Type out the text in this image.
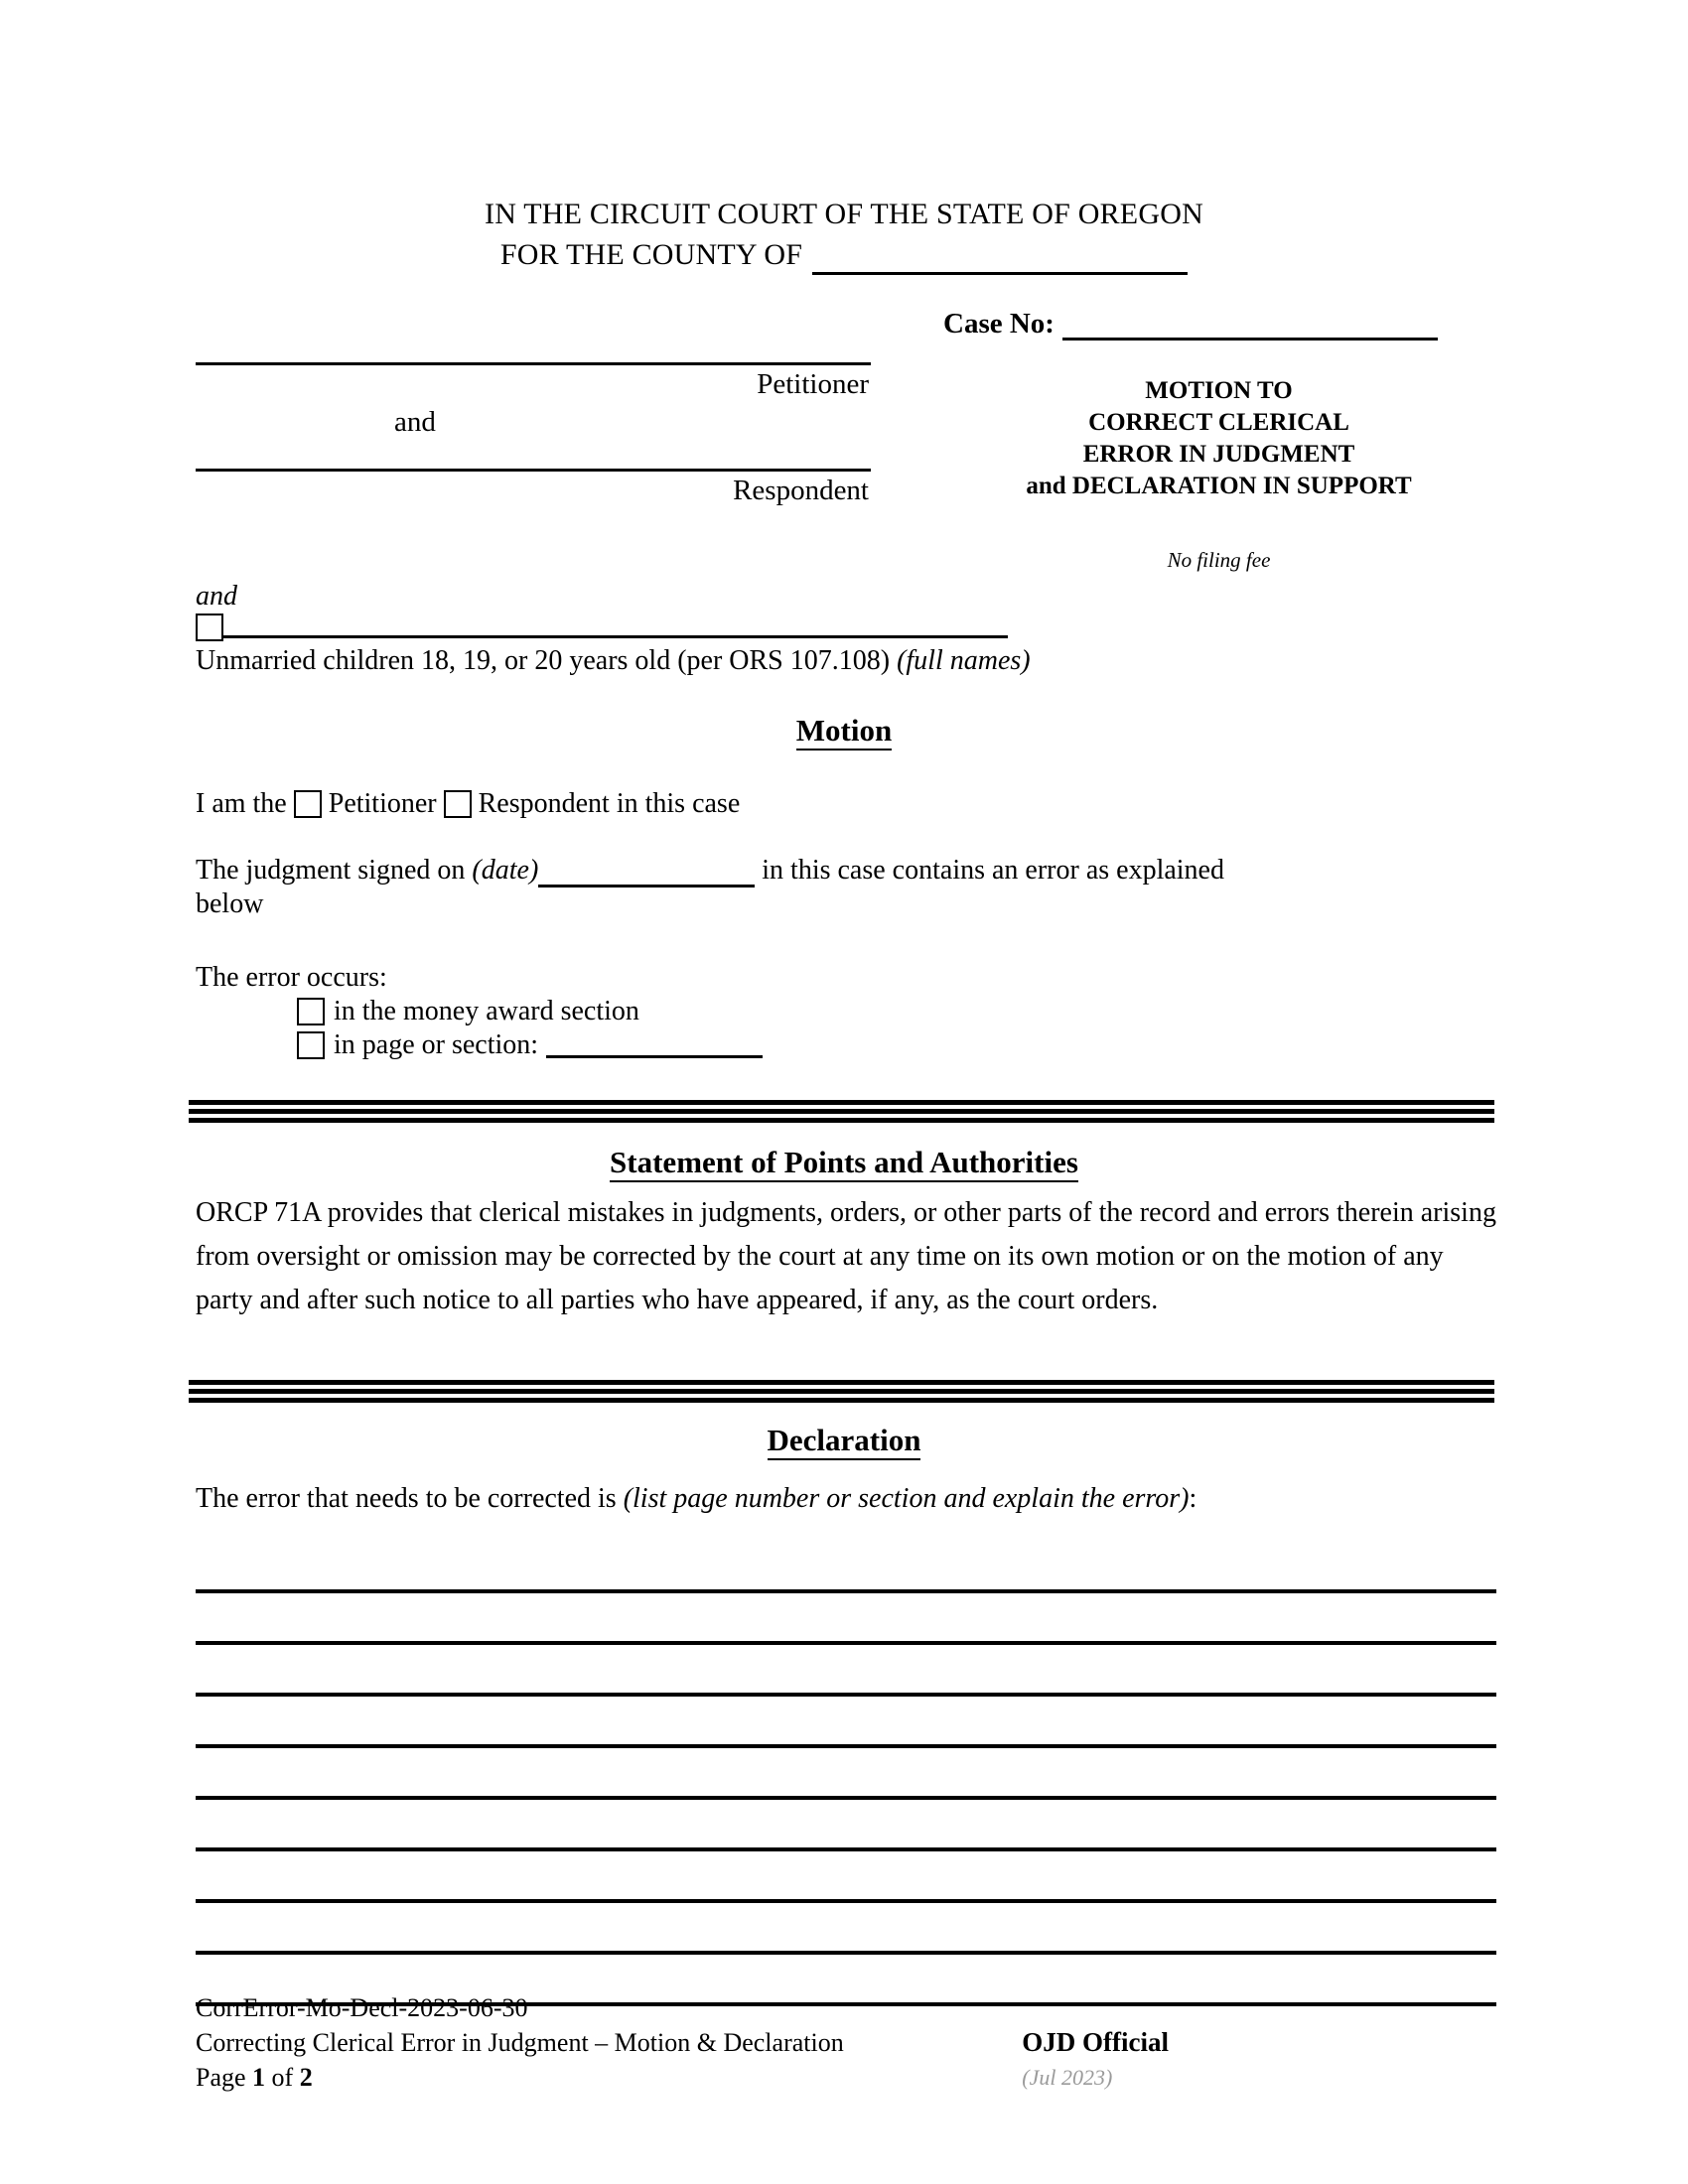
IN THE CIRCUIT COURT OF THE STATE OF OREGON
FOR THE COUNTY OF
Case No:
Petitioner
and
Respondent
MOTION TO
CORRECT CLERICAL
ERROR IN JUDGMENT
and DECLARATION IN SUPPORT
No filing fee
and
Unmarried children 18, 19, or 20 years old (per ORS 107.108) (full names)
Motion
I am the Petitioner Respondent in this case
The judgment signed on (date)	in this case contains an error as explained
below
The error occurs:
in the money award section
in page or section:
Statement of Points and Authorities
ORCP 71A provides that clerical mistakes in judgments, orders, or other parts of the record and errors therein arising from oversight or omission may be corrected by the court at any time on its own motion or on the motion of any party and after such notice to all parties who have appeared, if any, as the court orders.
Declaration
The error that needs to be corrected is (list page number or section and explain the error):
CorrError-Mo-Decl-2023-06-30
Correcting Clerical Error in Judgment – Motion & Declaration
Page 1 of 2
OJD Official
(Jul 2023)
